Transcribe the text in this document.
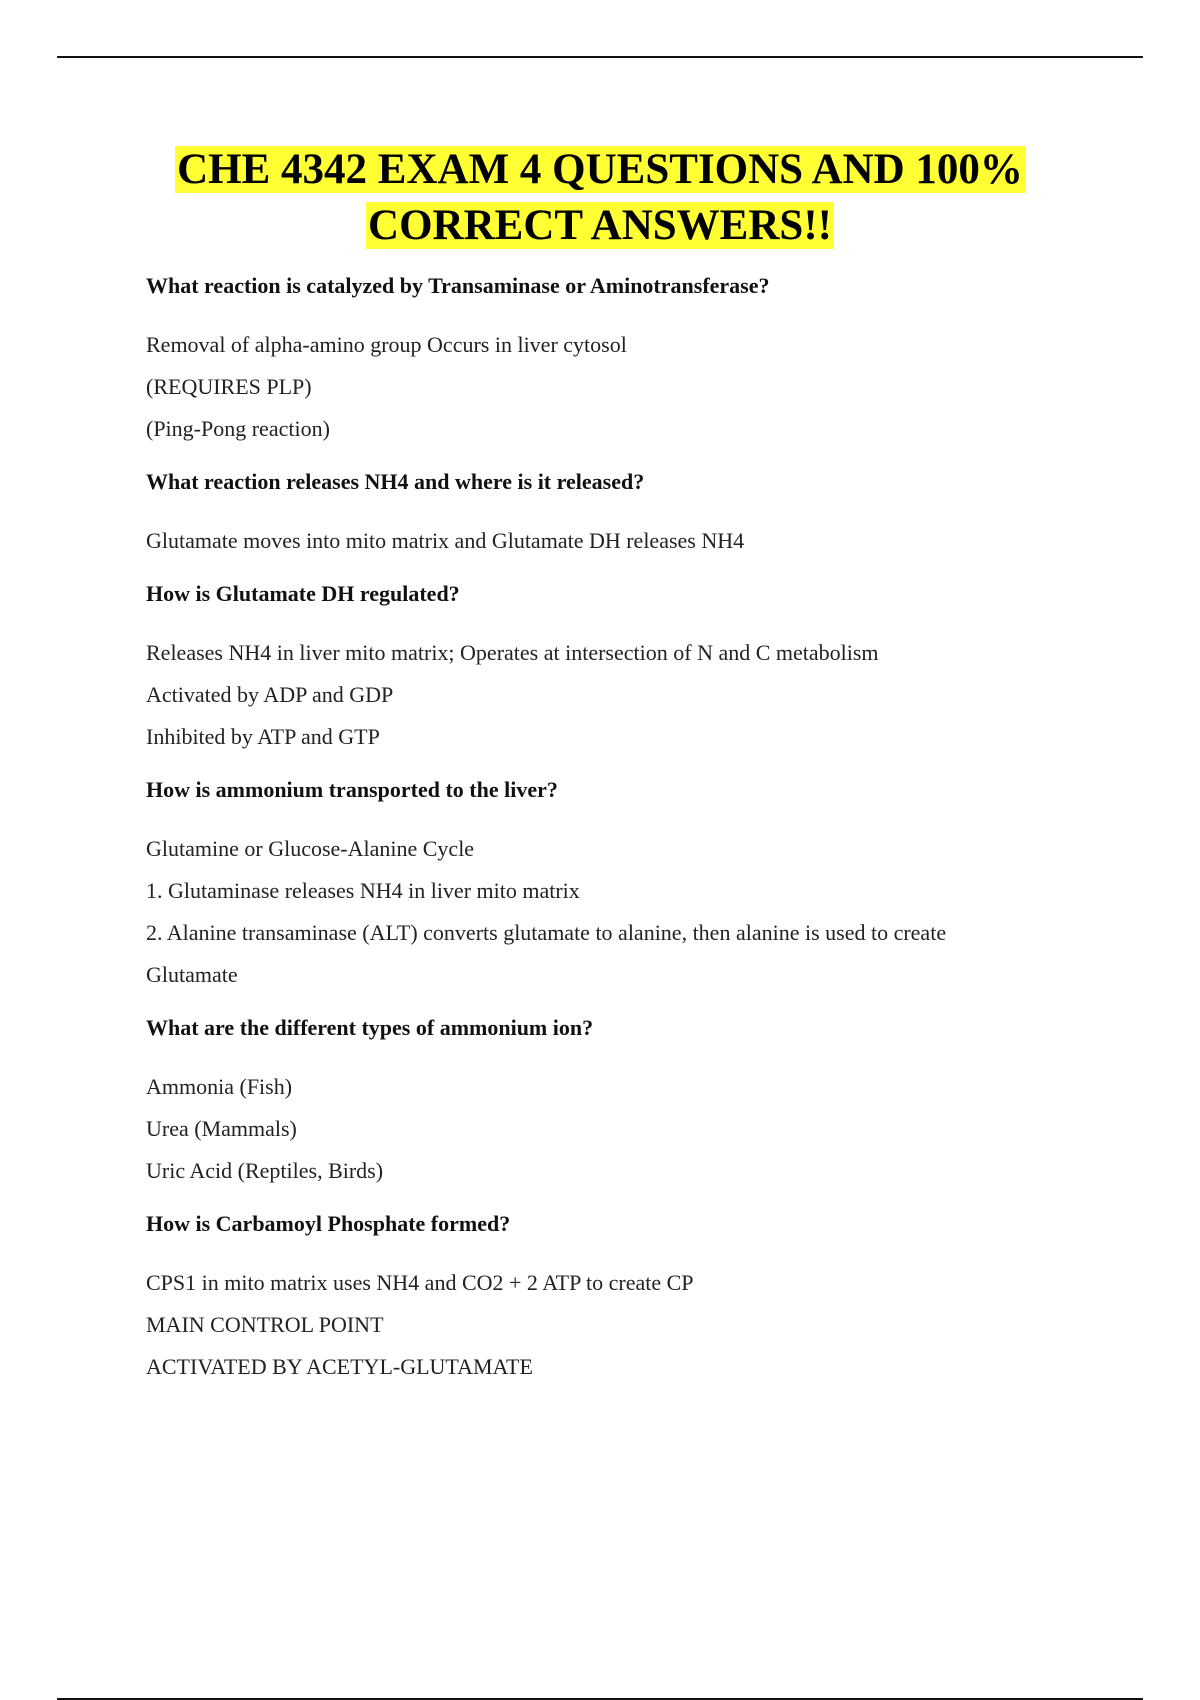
CHE 4342 EXAM 4 QUESTIONS AND 100%
CORRECT ANSWERS!!

What reaction is catalyzed by Transaminase or Aminotransferase?

Removal of alpha-amino group Occurs in liver cytosol

(REQUIRES PLP)

(Ping-Pong reaction)

What reaction releases NH4 and where is it released?

Glutamate moves into mito matrix and Glutamate DH releases NH4

How is Glutamate DH regulated?

Releases NH4 in liver mito matrix; Operates at intersection of N and C metabolism

Activated by ADP and GDP

Inhibited by ATP and GTP

How is ammonium transported to the liver?

Glutamine or Glucose-Alanine Cycle

1. Glutaminase releases NH4 in liver mito matrix

2. Alanine transaminase (ALT) converts glutamate to alanine, then alanine is used to create

Glutamate

What are the different types of ammonium ion?

Ammonia (Fish)

Urea (Mammals)

Uric Acid (Reptiles, Birds)

How is Carbamoyl Phosphate formed?

CPS1 in mito matrix uses NH4 and CO2 + 2 ATP to create CP

MAIN CONTROL POINT

ACTIVATED BY ACETYL-GLUTAMATE
